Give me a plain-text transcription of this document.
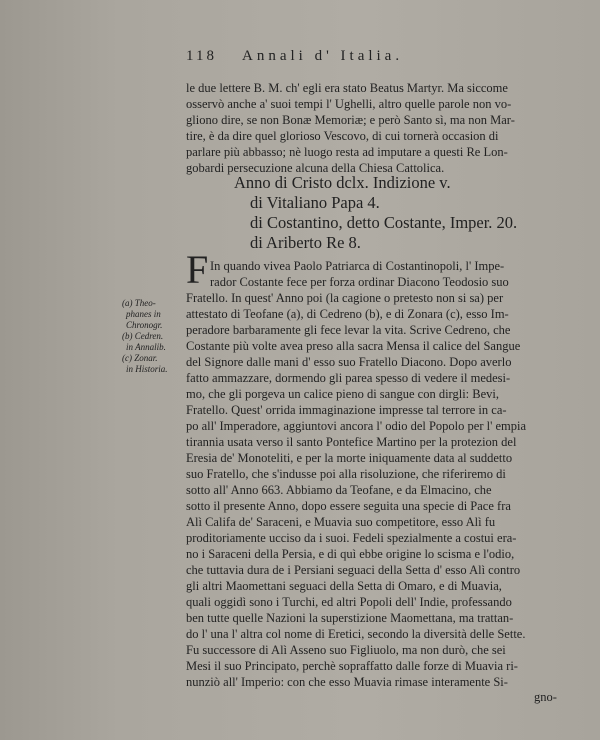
118 Annali d' Italia.
le due lettere B. M. ch' egli era stato Beatus Martyr. Ma siccome
osservò anche a' suoi tempi l' Ughelli, altro quelle parole non vo-
gliono dire, se non Bonæ Memoriæ; e però Santo sì, ma non Mar-
tire, è da dire quel glorioso Vescovo, di cui tornerà occasion di
parlare più abbasso; nè luogo resta ad imputare a questi Re Lon-
gobardi persecuzione alcuna della Chiesa Cattolica.
Anno di Cristo dclx. Indizione v.
di Vitaliano Papa 4.
di Costantino, detto Costante, Imper. 20.
di Ariberto Re 8.
F In quando vivea Paolo Patriarca di Costantinopoli, l' Impe-
rador Costante fece per forza ordinar Diacono Teodosio suo
Fratello. In quest' Anno poi (la cagione o pretesto non si sa) per
attestato di Teofane (a), di Cedreno (b), e di Zonara (c), esso Im-
peradore barbaramente gli fece levar la vita. Scrive Cedreno, che
Costante più volte avea preso alla sacra Mensa il calice del Sangue
del Signore dalle mani d' esso suo Fratello Diacono. Dopo averlo
fatto ammazzare, dormendo gli parea spesso di vedere il medesi-
mo, che gli porgeva un calice pieno di sangue con dirgli: Bevi,
Fratello. Quest' orrida immaginazione impresse tal terrore in ca-
po all' Imperadore, aggiuntovi ancora l' odio del Popolo per l' empia
tirannia usata verso il santo Pontefice Martino per la protezion del
Eresia de' Monoteliti, e per la morte iniquamente data al suddetto
suo Fratello, che s'indusse poi alla risoluzione, che riferiremo di
sotto all' Anno 663. Abbiamo da Teofane, e da Elmacino, che
sotto il presente Anno, dopo essere seguita una specie di Pace fra
Alì Califa de' Saraceni, e Muavia suo competitore, esso Alì fu
proditoriamente ucciso da i suoi. Fedeli spezialmente a costui era-
no i Saraceni della Persia, e di quì ebbe origine lo scisma e l'odio,
che tuttavia dura de i Persiani seguaci della Setta d' esso Alì contro
gli altri Maomettani seguaci della Setta di Omaro, e di Muavia,
quali oggidì sono i Turchi, ed altri Popoli dell' Indie, professando
ben tutte quelle Nazioni la superstizione Maomettana, ma trattan-
do l' una l' altra col nome di Eretici, secondo la diversità delle Sette.
Fu successore di Alì Asseno suo Figliuolo, ma non durò, che sei
Mesi il suo Principato, perchè sopraffatto dalle forze di Muavia ri-
nunziò all' Imperio: con che esso Muavia rimase interamente Si-
(a) Theo-
phanes in
Chronogr.
(b) Cedren.
in Annalib.
(c) Zonar.
in Historia.
gno-
